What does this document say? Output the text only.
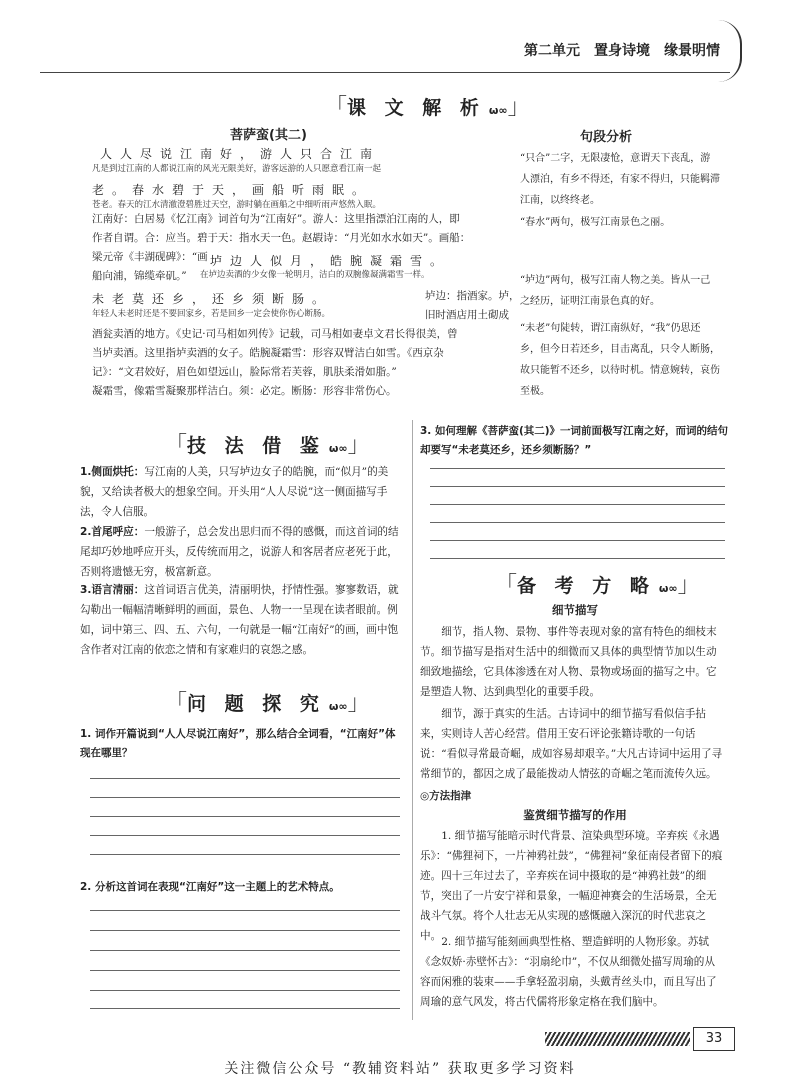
第二单元　置身诗境　缘景明情
「课 文 解 析 ω∞」
菩萨蛮(其二)
人人尽说江南好，游人只合江南
凡是到过江南的人都说江南的风光无限美好，游客远游的人只愿意看江南一起
老。春水碧于天，画船听雨眠。
苍老。春天的江水清澈澄碧胜过天空，游时躺在画船之中细听雨声悠然入眠。
江南好：白居易《忆江南》词首句为“江南好”。游人：这里指漂泊江南的人，即
作者自谓。合：应当。碧于天：指水天一色。赵嘏诗：“月光如水水如天”。画船：
梁元帝《丰湖砚碑》：“画
船向浦，锦缆牵矶。”
垆边人似月，皓腕凝霜雪。
在垆边卖酒的少女像一轮明月，洁白的双腕像凝满霜雪一样。
未老莫还乡，还乡须断肠。
年轻人未老时还是不要回家乡，若是回乡一定会使你伤心断肠。
垆边：指酒家。垆，
旧时酒店用土砌成
酒瓮卖酒的地方。《史记·司马相如列传》记载，司马相如妻卓文君长得很美，曾
当垆卖酒。这里指垆卖酒的女子。皓腕凝霜雪：形容双臂洁白如雪。《西京杂
记》：“文君姣好，眉色如望远山，脸际常若芙蓉，肌肤柔滑如脂。”
凝霜雪，像霜雪凝聚那样洁白。须：必定。断肠：形容非常伤心。
句段分析
“只合”二字，无限凄怆，意谓天下丧乱，游人漂泊，有乡不得还，有家不得归，只能羁滞江南，以终终老。
“春水”两句，极写江南景色之丽。
“垆边”两句，极写江南人物之美。皆从一己之经历，证明江南景色真的好。
“未老”句陡转，谓江南纵好，“我”仍思还乡，但今日若还乡，目击离乱，只令人断肠，故只能暂不还乡，以待时机。情意婉转，哀伤至极。
「技 法 借 鉴 ω∞」
1.侧面烘托：写江南的人美，只写垆边女子的皓腕，而“似月”的美貌，又给读者极大的想象空间。开头用“人人尽说”这一侧面描写手法，令人信服。
2.首尾呼应：一般游子，总会发出思归而不得的感慨，而这首词的结尾却巧妙地呼应开头，反传统而用之，说游人和客居者应老死于此，否则将遗憾无穷，极富新意。
3.语言清丽：这首词语言优美，清丽明快，抒情性强。寥寥数语，就勾勒出一幅幅清晰鲜明的画面，景色、人物一一呈现在读者眼前。例如，词中第三、四、五、六句，一句就是一幅“江南好”的画，画中饱含作者对江南的依恋之情和有家难归的哀怨之感。
「问 题 探 究 ω∞」
1. 词作开篇说到“人人尽说江南好”，那么结合全词看，“江南好”体现在哪里？
2. 分析这首词在表现“江南好”这一主题上的艺术特点。
3. 如何理解《菩萨蛮(其二)》一词前面极写江南之好，而词的结句却要写“未老莫还乡，还乡须断肠？”
「备 考 方 略 ω∞」
细节描写
细节，指人物、景物、事件等表现对象的富有特色的细枝末节。细节描写是指对生活中的细微而又具体的典型情节加以生动细致地描绘，它具体渗透在对人物、景物或场面的描写之中。它是塑造人物、达到典型化的重要手段。
细节，源于真实的生活。古诗词中的细节描写看似信手拈来，实则诗人苦心经营。借用王安石评论张籍诗歌的一句话说：“看似寻常最奇崛，成如容易却艰辛。”大凡古诗词中运用了寻常细节的，都因之成了最能拨动人情弦的奇崛之笔而流传久远。
◎方法指津
鉴赏细节描写的作用
1. 细节描写能暗示时代背景、渲染典型环境。辛弃疾《永遇乐》：“佛狸祠下，一片神鸦社鼓”，“佛狸祠”象征南侵者留下的痕迹。四十三年过去了，辛弃疾在词中摄取的是“神鸦社鼓”的细节，突出了一片安宁祥和景象，一幅迎神赛会的生活场景，全无战斗气氛。将个人壮志无从实现的感慨融入深沉的时代悲哀之中。 2. 细节描写能刻画典型性格、塑造鲜明的人物形象。苏轼《念奴娇·赤壁怀古》：“羽扇纶巾”，不仅从细微处描写周瑜的从容而闲雅的装束——手拿轻盈羽扇，头戴青丝头巾，而且写出了周瑜的意气风发，将古代儒将形象定格在我们脑中。
33
关注微信公众号 “教辅资料站” 获取更多学习资料
